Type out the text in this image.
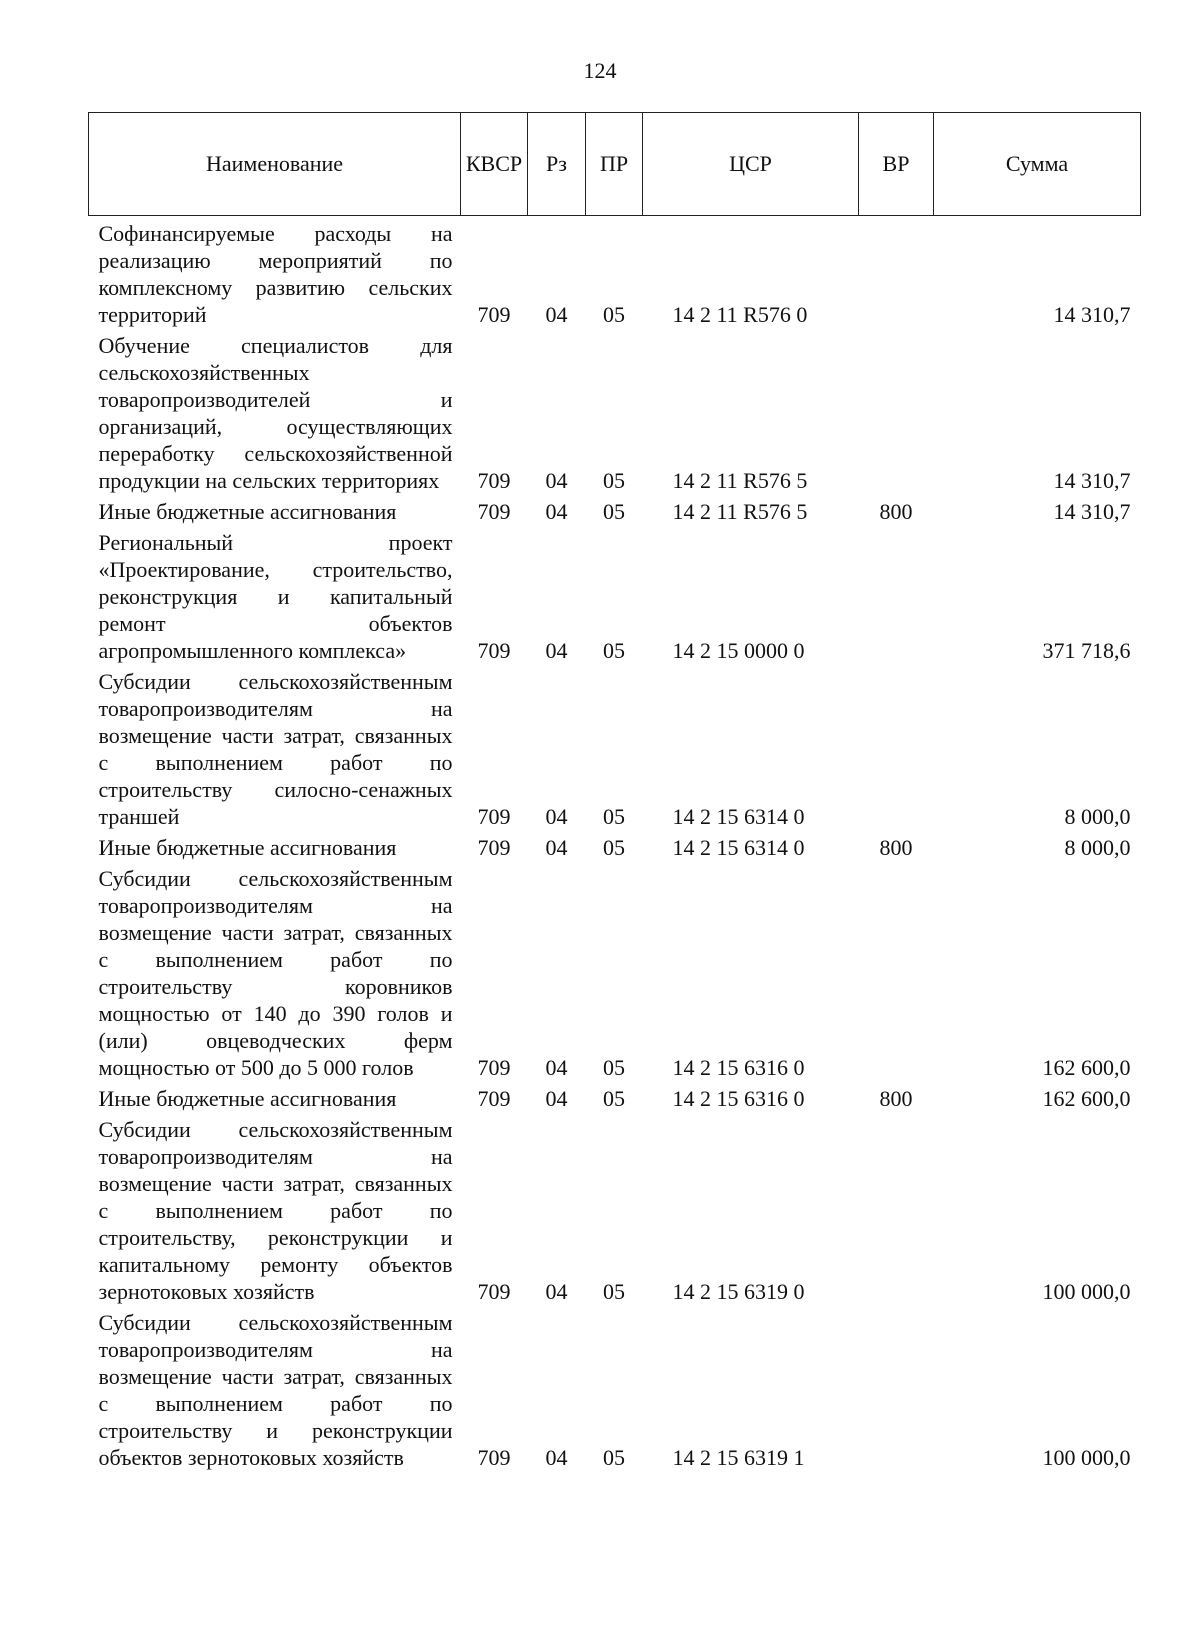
124
Наименование	КВСР	Рз	ПР	ЦСР	ВР	Сумма
Софинансируемые расходы на реализацию мероприятий по комплексному развитию сельских территорий	709	04	05	14 2 11 R576 0		14 310,7
Обучение специалистов для сельскохозяйственных товаропроизводителей и организаций, осуществляющих переработку сельскохозяйственной продукции на сельских территориях	709	04	05	14 2 11 R576 5		14 310,7
Иные бюджетные ассигнования	709	04	05	14 2 11 R576 5	800	14 310,7
Региональный проект «Проектирование, строительство, реконструкция и капитальный ремонт объектов агропромышленного комплекса»	709	04	05	14 2 15 0000 0		371 718,6
Субсидии сельскохозяйственным товаропроизводителям на возмещение части затрат, связанных с выполнением работ по строительству силосно-сенажных траншей	709	04	05	14 2 15 6314 0		8 000,0
Иные бюджетные ассигнования	709	04	05	14 2 15 6314 0	800	8 000,0
Субсидии сельскохозяйственным товаропроизводителям на возмещение части затрат, связанных с выполнением работ по строительству коровников мощностью от 140 до 390 голов и (или) овцеводческих ферм мощностью от 500 до 5 000 голов	709	04	05	14 2 15 6316 0		162 600,0
Иные бюджетные ассигнования	709	04	05	14 2 15 6316 0	800	162 600,0
Субсидии сельскохозяйственным товаропроизводителям на возмещение части затрат, связанных с выполнением работ по строительству, реконструкции и капитальному ремонту объектов зернотоковых хозяйств	709	04	05	14 2 15 6319 0		100 000,0
Субсидии сельскохозяйственным товаропроизводителям на возмещение части затрат, связанных с выполнением работ по строительству и реконструкции объектов зернотоковых хозяйств	709	04	05	14 2 15 6319 1		100 000,0
